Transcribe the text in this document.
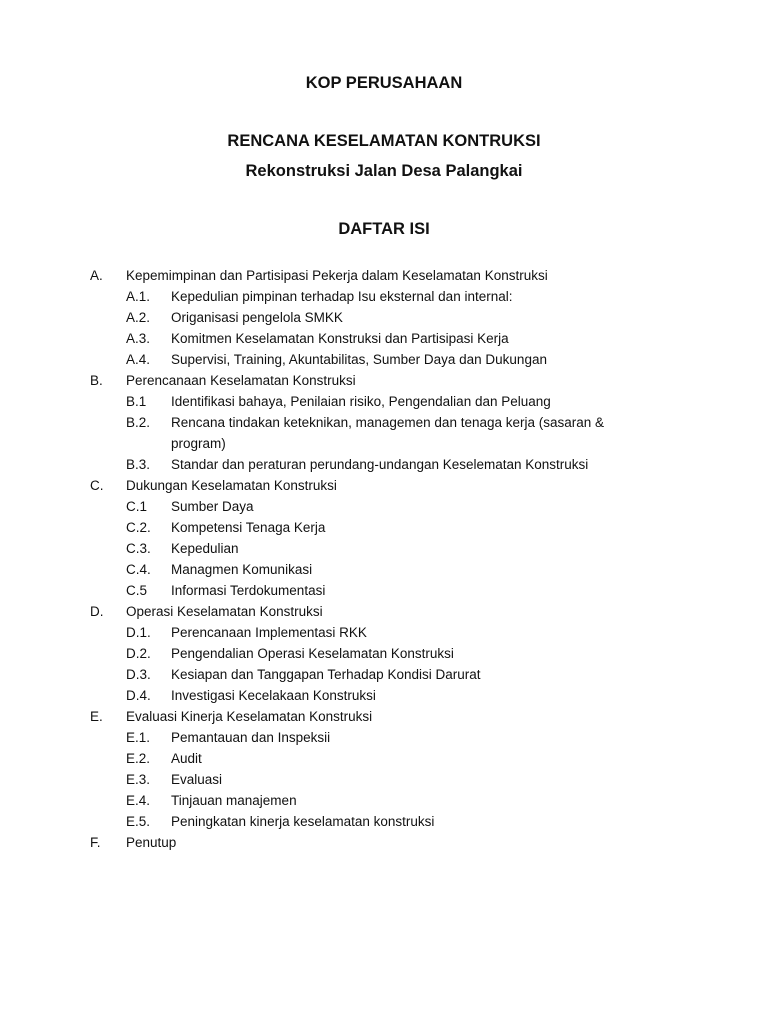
KOP PERUSAHAAN
RENCANA KESELAMATAN KONTRUKSI
Rekonstruksi Jalan Desa Palangkai
DAFTAR ISI
A. Kepemimpinan dan Partisipasi Pekerja dalam Keselamatan Konstruksi
A.1. Kepedulian pimpinan terhadap Isu eksternal dan internal:
A.2. Origanisasi pengelola SMKK
A.3. Komitmen Keselamatan Konstruksi dan Partisipasi Kerja
A.4. Supervisi, Training, Akuntabilitas, Sumber Daya dan Dukungan
B. Perencanaan Keselamatan Konstruksi
B.1 Identifikasi bahaya, Penilaian risiko, Pengendalian dan Peluang
B.2. Rencana tindakan keteknikan, managemen dan tenaga kerja (sasaran &
program)
B.3. Standar dan peraturan perundang-undangan Keselematan Konstruksi
C. Dukungan Keselamatan Konstruksi
C.1 Sumber Daya
C.2. Kompetensi Tenaga Kerja
C.3. Kepedulian
C.4. Managmen Komunikasi
C.5 Informasi Terdokumentasi
D. Operasi Keselamatan Konstruksi
D.1. Perencanaan Implementasi RKK
D.2. Pengendalian Operasi Keselamatan Konstruksi
D.3. Kesiapan dan Tanggapan Terhadap Kondisi Darurat
D.4. Investigasi Kecelakaan Konstruksi
E. Evaluasi Kinerja Keselamatan Konstruksi
E.1. Pemantauan dan Inspeksii
E.2. Audit
E.3. Evaluasi
E.4. Tinjauan manajemen
E.5. Peningkatan kinerja keselamatan konstruksi
F. Penutup
